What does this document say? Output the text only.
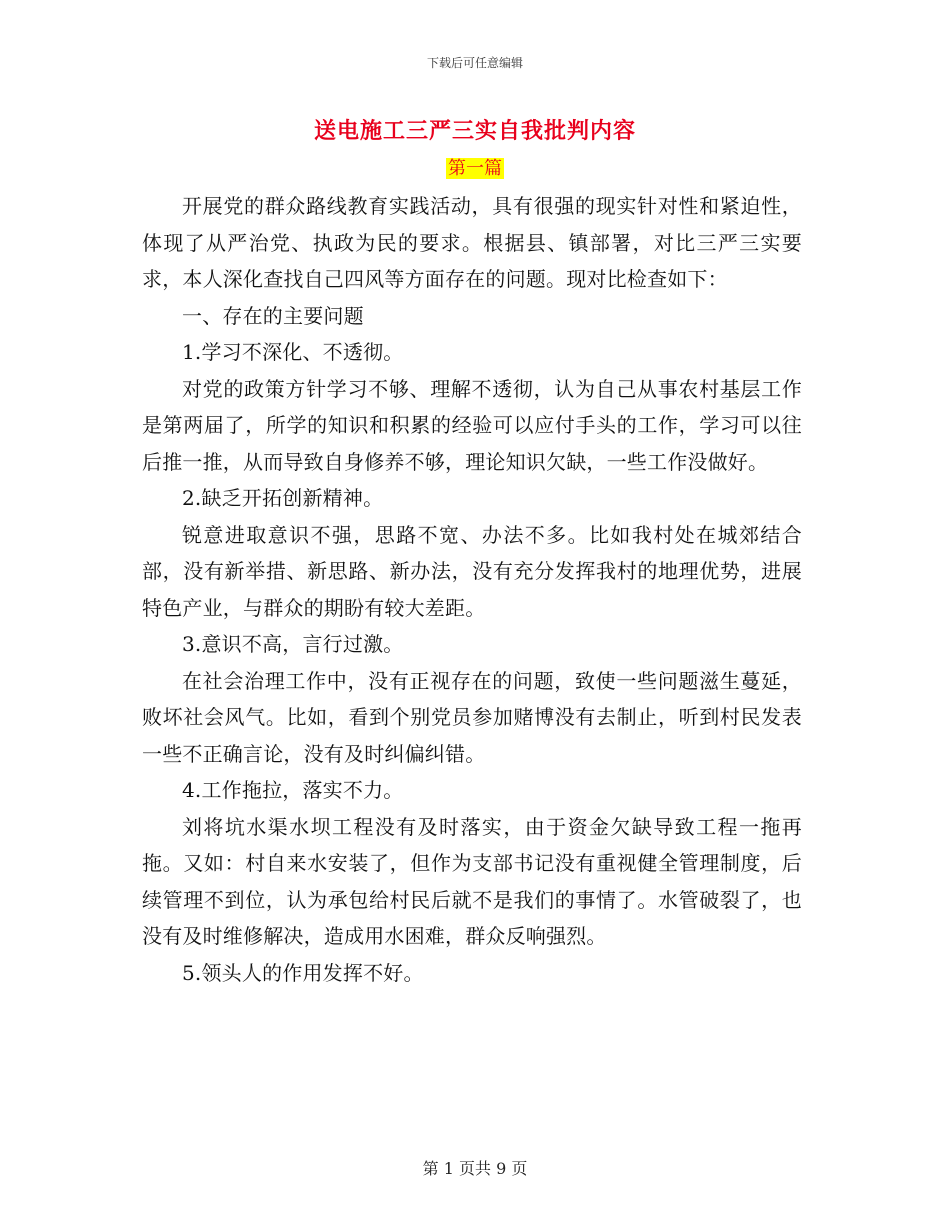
下载后可任意编辑
送电施工三严三实自我批判内容
第一篇

开展党的群众路线教育实践活动，具有很强的现实针对性和紧迫性，体现了从严治党、执政为民的要求。根据县、镇部署，对比三严三实要求，本人深化查找自己四风等方面存在的问题。现对比检查如下：

一、存在的主要问题

1.学习不深化、不透彻。

对党的政策方针学习不够、理解不透彻，认为自己从事农村基层工作是第两届了，所学的知识和积累的经验可以应付手头的工作，学习可以往后推一推，从而导致自身修养不够，理论知识欠缺，一些工作没做好。

2.缺乏开拓创新精神。

锐意进取意识不强，思路不宽、办法不多。比如我村处在城郊结合部，没有新举措、新思路、新办法，没有充分发挥我村的地理优势，进展特色产业，与群众的期盼有较大差距。

3.意识不高，言行过激。

在社会治理工作中，没有正视存在的问题，致使一些问题滋生蔓延，败坏社会风气。比如，看到个别党员参加赌博没有去制止，听到村民发表一些不正确言论，没有及时纠偏纠错。

4.工作拖拉，落实不力。

刘将坑水渠水坝工程没有及时落实，由于资金欠缺导致工程一拖再拖。又如：村自来水安装了，但作为支部书记没有重视健全管理制度，后续管理不到位，认为承包给村民后就不是我们的事情了。水管破裂了，也没有及时维修解决，造成用水困难，群众反响强烈。

5.领头人的作用发挥不好。

第 1 页共 9 页
